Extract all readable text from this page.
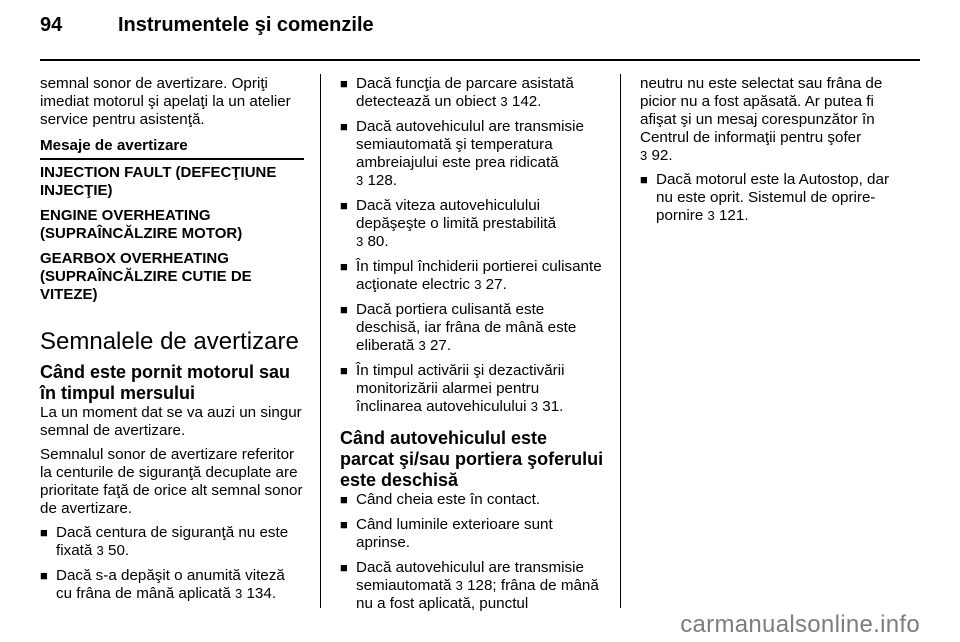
94	Instrumentele şi comenzile

semnal sonor de avertizare. Opriţi imediat motorul şi apelaţi la un atelier service pentru asistenţă.

Mesaje de avertizare
INJECTION FAULT (DEFECŢIUNE INJECŢIE)
ENGINE OVERHEATING (SUPRAÎNCĂLZIRE MOTOR)
GEARBOX OVERHEATING (SUPRAÎNCĂLZIRE CUTIE DE VITEZE)
Semnalele de avertizare
Când este pornit motorul sau în timpul mersului

La un moment dat se va auzi un singur semnal de avertizare.

Semnalul sonor de avertizare referitor la centurile de siguranţă decuplate are prioritate faţă de orice alt semnal sonor de avertizare.

■ Dacă centura de siguranţă nu este fixată 3 50.
■ Dacă s-a depăşit o anumită viteză cu frâna de mână aplicată 3 134.
■ Dacă funcţia de parcare asistată detectează un obiect 3 142.
■ Dacă autovehiculul are transmisie semiautomată şi temperatura ambreiajului este prea ridicată
3 128.
■ Dacă viteza autovehiculului depăşeşte o limită prestabilită
3 80.
■ În timpul închiderii portierei culisante acţionate electric 3 27.
■ Dacă portiera culisantă este deschisă, iar frâna de mână este eliberată 3 27.
■ În timpul activării şi dezactivării monitorizării alarmei pentru înclinarea autovehiculului 3 31.
Când autovehiculul este parcat şi/sau portiera şoferului este deschisă
■ Când cheia este în contact.
■ Când luminile exterioare sunt aprinse.
■ Dacă autovehiculul are transmisie semiautomată 3 128; frâna de mână nu a fost aplicată, punctul

neutru nu este selectat sau frâna de picior nu a fost apăsată. Ar putea fi afişat şi un mesaj corespunzător în Centrul de informaţii pentru şofer
3 92.

■ Dacă motorul este la Autostop, dar nu este oprit. Sistemul de oprire-pornire 3 121.
carmanualsonline.info
